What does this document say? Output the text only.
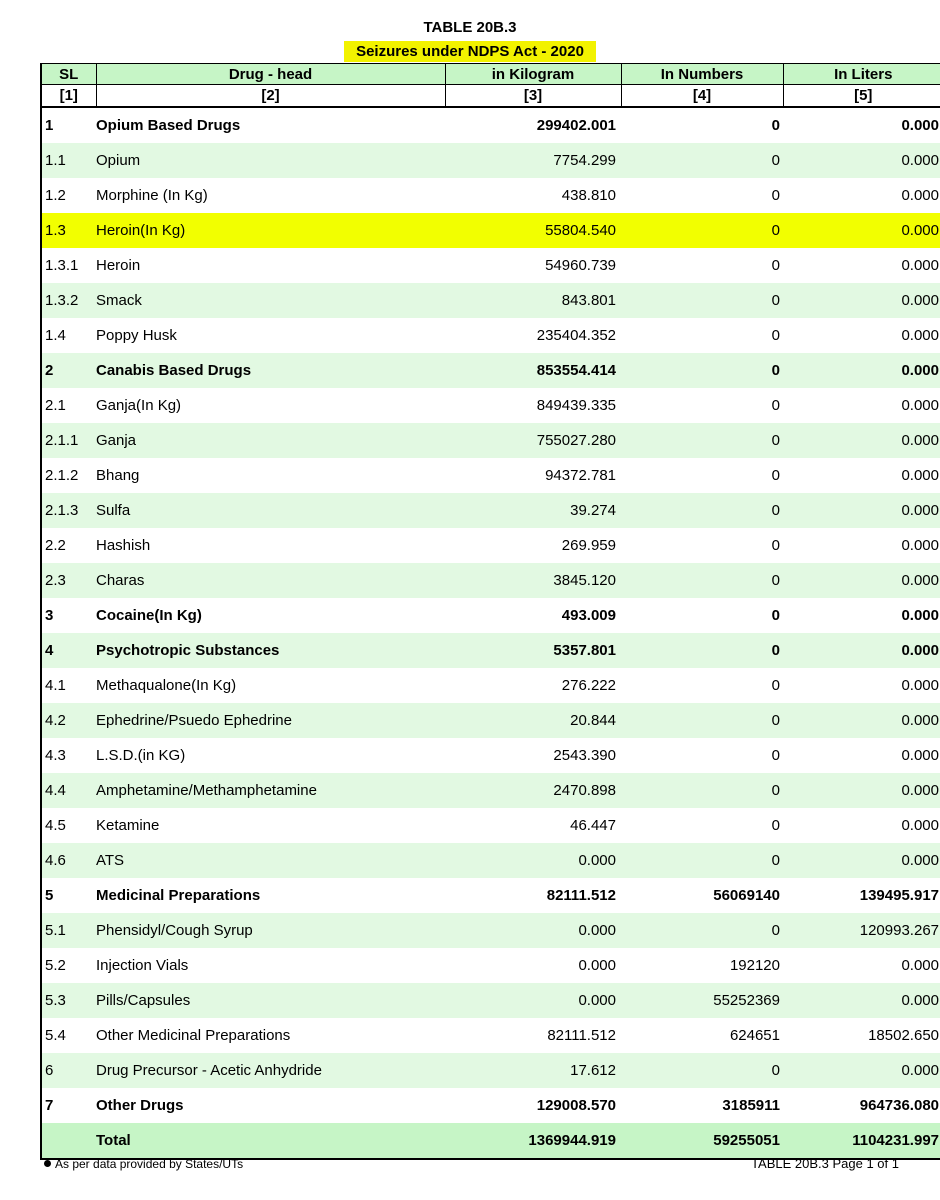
TABLE 20B.3
Seizures under NDPS Act - 2020
SL	Drug - head	in Kilogram	In Numbers	In Liters
[1]	[2]	[3]	[4]	[5]
1	Opium Based Drugs	299402.001	0	0.000
1.1	Opium	7754.299	0	0.000
1.2	Morphine (In Kg)	438.810	0	0.000
1.3	Heroin(In Kg)	55804.540	0	0.000
1.3.1	Heroin	54960.739	0	0.000
1.3.2	Smack	843.801	0	0.000
1.4	Poppy Husk	235404.352	0	0.000
2	Canabis Based Drugs	853554.414	0	0.000
2.1	Ganja(In Kg)	849439.335	0	0.000
2.1.1	Ganja	755027.280	0	0.000
2.1.2	Bhang	94372.781	0	0.000
2.1.3	Sulfa	39.274	0	0.000
2.2	Hashish	269.959	0	0.000
2.3	Charas	3845.120	0	0.000
3	Cocaine(In Kg)	493.009	0	0.000
4	Psychotropic Substances	5357.801	0	0.000
4.1	Methaqualone(In Kg)	276.222	0	0.000
4.2	Ephedrine/Psuedo Ephedrine	20.844	0	0.000
4.3	L.S.D.(in KG)	2543.390	0	0.000
4.4	Amphetamine/Methamphetamine	2470.898	0	0.000
4.5	Ketamine	46.447	0	0.000
4.6	ATS	0.000	0	0.000
5	Medicinal Preparations	82111.512	56069140	139495.917
5.1	Phensidyl/Cough Syrup	0.000	0	120993.267
5.2	Injection Vials	0.000	192120	0.000
5.3	Pills/Capsules	0.000	55252369	0.000
5.4	Other Medicinal Preparations	82111.512	624651	18502.650
6	Drug Precursor - Acetic Anhydride	17.612	0	0.000
7	Other Drugs	129008.570	3185911	964736.080
	Total	1369944.919	59255051	1104231.997
As per data provided by States/UTs	TABLE 20B.3 Page 1 of 1
